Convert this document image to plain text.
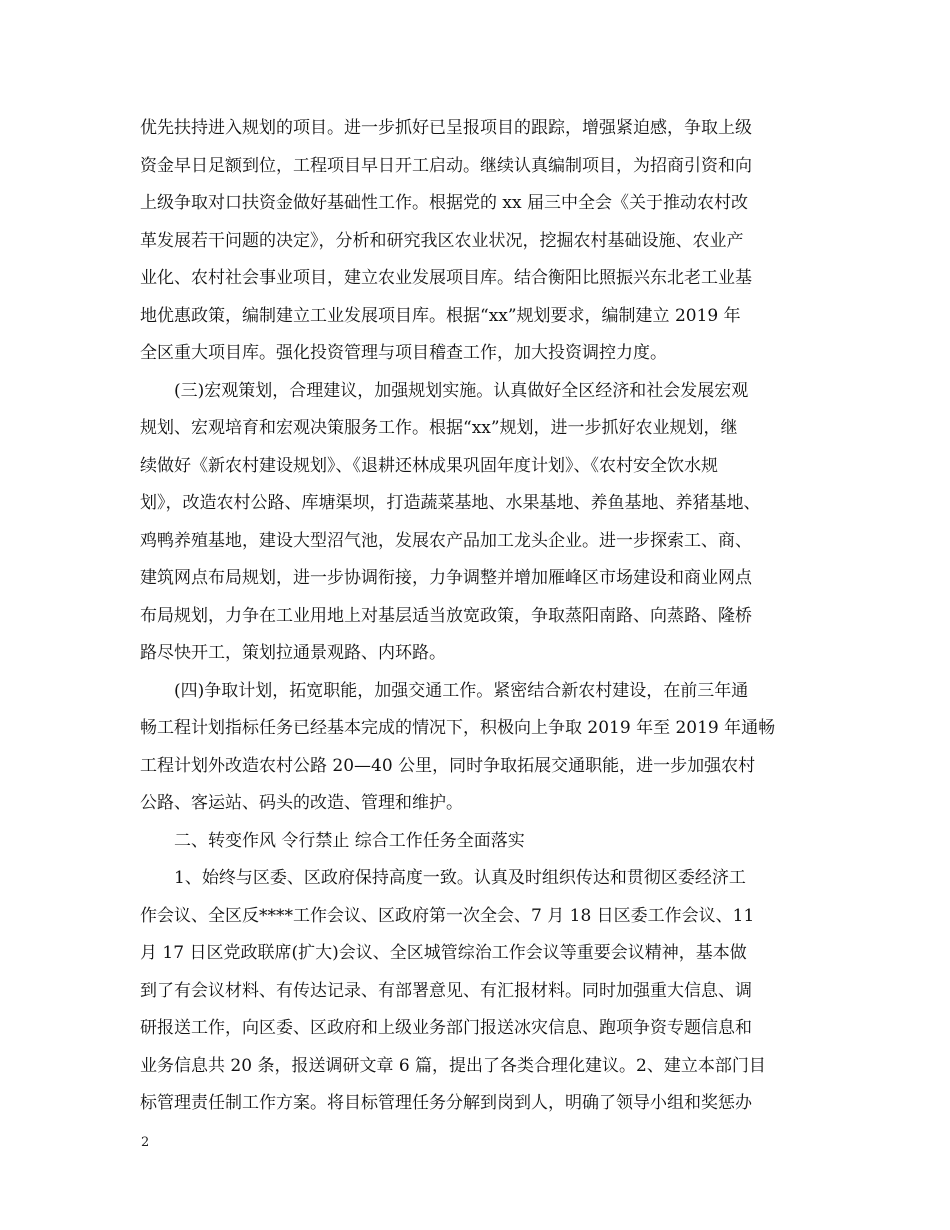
优先扶持进入规划的项目。进一步抓好已呈报项目的跟踪，增强紧迫感，争取上级
资金早日足额到位，工程项目早日开工启动。继续认真编制项目，为招商引资和向
上级争取对口扶资金做好基础性工作。根据党的 xx 届三中全会《关于推动农村改
革发展若干问题的决定》，分析和研究我区农业状况，挖掘农村基础设施、农业产
业化、农村社会事业项目，建立农业发展项目库。结合衡阳比照振兴东北老工业基
地优惠政策，编制建立工业发展项目库。根据“xx”规划要求，编制建立 2019 年
全区重大项目库。强化投资管理与项目稽查工作，加大投资调控力度。
(三)宏观策划，合理建议，加强规划实施。认真做好全区经济和社会发展宏观
规划、宏观培育和宏观决策服务工作。根据“xx”规划，进一步抓好农业规划，继
续做好《新农村建设规划》、《退耕还林成果巩固年度计划》、《农村安全饮水规
划》，改造农村公路、库塘渠坝，打造蔬菜基地、水果基地、养鱼基地、养猪基地、
鸡鸭养殖基地，建设大型沼气池，发展农产品加工龙头企业。进一步探索工、商、
建筑网点布局规划，进一步协调衔接，力争调整并增加雁峰区市场建设和商业网点
布局规划，力争在工业用地上对基层适当放宽政策，争取蒸阳南路、向蒸路、隆桥
路尽快开工，策划拉通景观路、内环路。
(四)争取计划，拓宽职能，加强交通工作。紧密结合新农村建设，在前三年通
畅工程计划指标任务已经基本完成的情况下，积极向上争取 2019 年至 2019 年通畅
工程计划外改造农村公路 20—40 公里，同时争取拓展交通职能，进一步加强农村
公路、客运站、码头的改造、管理和维护。
二、转变作风 令行禁止 综合工作任务全面落实
1、始终与区委、区政府保持高度一致。认真及时组织传达和贯彻区委经济工
作会议、全区反****工作会议、区政府第一次全会、7 月 18 日区委工作会议、11
月 17 日区党政联席(扩大)会议、全区城管综治工作会议等重要会议精神，基本做
到了有会议材料、有传达记录、有部署意见、有汇报材料。同时加强重大信息、调
研报送工作，向区委、区政府和上级业务部门报送冰灾信息、跑项争资专题信息和
业务信息共 20 条，报送调研文章 6 篇，提出了各类合理化建议。2、建立本部门目
标管理责任制工作方案。将目标管理任务分解到岗到人，明确了领导小组和奖惩办
2
